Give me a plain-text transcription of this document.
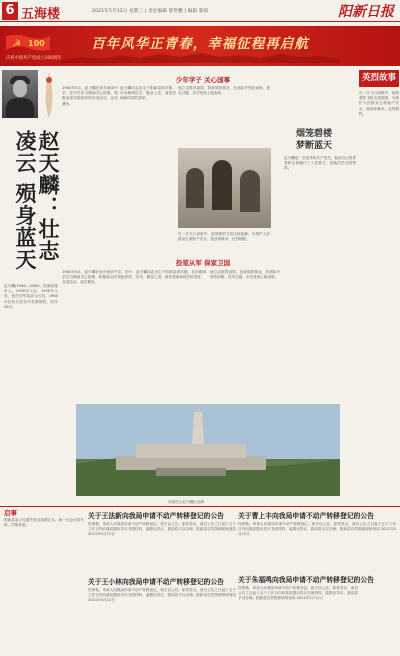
6 五海楼	2021年5月12日 星期三 | 责任编辑 黎世鹏 | 编辑 黎锦	阳新日报
☭ 100
庆祝中国共产党成立100周年
百年风华正青春，幸福征程再启航
赵天麟：壮志凌云 殒身蓝天
赵天麟(1936—1964)，阳新县排市人。1956年入伍，1958年入党，曾任空军某部飞行员。1964年在执行任务中英勇牺牲，时年28岁。
少年学子 关心国事
投笔从军 保家卫国
1960年5月，赵天麟在家乡就读中学，在中学学习期间关心国事，积极参加学校组织的各项活动，品学兼优。
赵天麟同志出生于阳新县排市镇，自幼聪明好学，勤奋上进，深受老师和同学的喜爱。
他立志报效祖国，投身国防事业，在部队中刻苦训练，技术过硬，多次受到上级表彰。
在一次飞行训练中，他驾驶的飞机出现故障，为保护人民群众生命财产安全，他放弃跳伞，壮烈牺牲。
1960年5月，赵天麟在家乡就读中学，在中学学习期间关心国事，积极参加学校组织的各项活动，品学兼优。
赵天麟同志出生于阳新县排市镇，自幼聪明好学，勤奋上进，深受老师和同学的喜爱。
他立志报效祖国，投身国防事业，在部队中刻苦训练，技术过硬，多次受到上级表彰。
烟笼碧楼
梦断蓝天
赵天麟是一名优秀的共产党员，他用自己的青春和生命践行了入党誓言，是我们学习的榜样。
英烈故事
在一次飞行训练中，他驾驶的飞机出现故障，为保护人民群众生命财产安全，他放弃跳伞，壮烈牺牲。
英雄烈士赵天麟纪念碑
启事
阳新县某公司遗失营业执照正本，统一社会信用代码，声明作废。
关于王法新向我局申请不动产转移登记的公告
经审核，申请人向我局申请不动产转移登记，现予以公告。如有异议，请自公告之日起十五个工作日内向我局提出异议书面材料，逾期无异议，我局将予以办理。阳新县自然资源和规划局 2021年5月12日
关于朱福鸣向我局申请不动产转移登记的公告
经审核，申请人向我局申请不动产转移登记，现予以公告。如有异议，请自公告之日起十五个工作日内向我局提出异议书面材料，逾期无异议，我局将予以办理。阳新县自然资源和规划局 2021年5月12日
关于王小林向我局申请不动产转移登记的公告
经审核，申请人向我局申请不动产转移登记，现予以公告。如有异议，请自公告之日起十五个工作日内向我局提出异议书面材料，逾期无异议，我局将予以办理。阳新县自然资源和规划局 2021年5月12日
关于曹上丰向我局申请不动产转移登记的公告
经审核，申请人向我局申请不动产转移登记，现予以公告。如有异议，请自公告之日起十五个工作日内向我局提出异议书面材料，逾期无异议，我局将予以办理。阳新县自然资源和规划局 2021年5月12日
